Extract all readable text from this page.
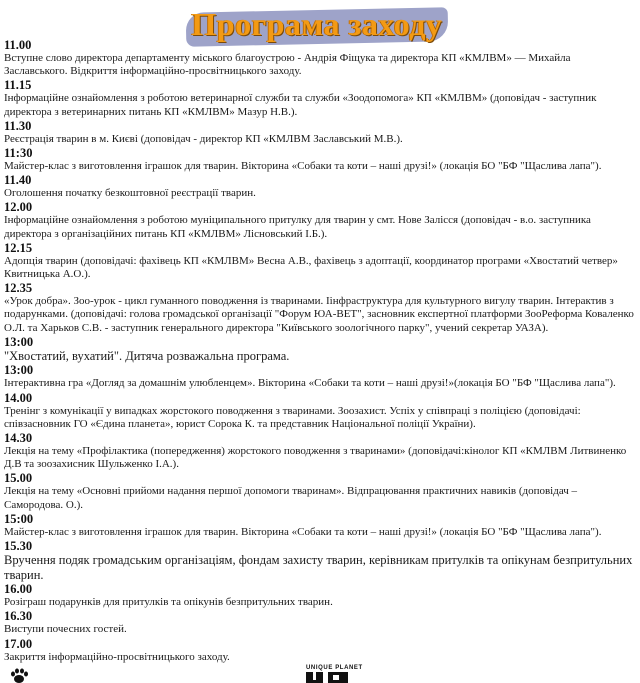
Програма заходу
11.00
Вступне слово директора департаменту міського благоустрою - Андрія Фіщука та директора КП «КМЛВМ» — Михайла Заславського. Відкриття інформаційно-просвітницького заходу.
11.15
Інформаційне ознайомлення з роботою ветеринарної служби та служби «Зоодопомога» КП «КМЛВМ» (доповідач - заступник директора з ветеринарних питань КП «КМЛВМ» Мазур Н.В.).
11.30
Реєстрація тварин в м. Києві (доповідач - директор КП «КМЛВМ Заславський М.В.).
11:30
Майстер-клас з виготовлення іграшок для тварин. Вікторина «Собаки та коти – наші друзі!» (локація БО "БФ "Щаслива лапа").
11.40
Оголошення початку безкоштовної реєстрації тварин.
12.00
Інформаційне ознайомлення з роботою муніципального притулку для тварин у смт. Нове Залісся (доповідач - в.о. заступника директора з організаційних питань КП «КМЛВМ» Лісновський І.Б.).
12.15
Адопція тварин (доповідачі: фахівець КП «КМЛВМ» Весна А.В., фахівець з адоптації, координатор програми «Хвостатий четвер» Квитницька А.О.).
12.35
«Урок добра». Зоо-урок - цикл гуманного поводження із тваринами. Іінфраструктура для культурного вигулу тварин. Інтерактив з подарунками. (доповідачі: голова громадської організації "Форум ЮА-ВЕТ", засновник експертної платформи ЗооРеформа Коваленко О.Л. та Харьков С.В. - заступник генерального директора "Київського зоологічного парку", учений секретар УАЗА).
13:00
"Хвостатий, вухатий". Дитяча розважальна програма.
13:00
Інтерактивна гра «Догляд за домашнім улюбленцем». Вікторина «Собаки та коти – наші друзі!»(локація БО "БФ "Щаслива лапа").
14.00
Тренінг з комунікації у випадках жорстокого поводження з тваринами. Зоозахист. Успіх у співпраці з поліцією (доповідачі: співзасновник ГО «Єдина планета», юрист Сорока К. та представник Національної поліції України).
14.30
Лекція на тему «Профілактика (попередження) жорстокого поводження з тваринами» (доповідачі:кінолог КП «КМЛВМ Литвиненко Д.В та зоозахисник Шульженко І.А.).
15.00
Лекція на тему «Основні прийоми надання першої допомоги тваринам». Відпрацювання практичних навиків (доповідач – Самородова. О.).
15:00
Майстер-клас з виготовлення іграшок для тварин. Вікторина «Собаки та коти – наші друзі!» (локація БО "БФ "Щаслива лапа").
15.30
Вручення подяк громадським організаціям, фондам захисту тварин, керівникам притулків та опікунам безпритульних тварин.
16.00
Розіграш подарунків для притулків та опікунів безпритульних тварин.
16.30
Виступи почесних гостей.
17.00
Закриття інформаційно-просвітницького заходу.
UNIQUE PLANET
